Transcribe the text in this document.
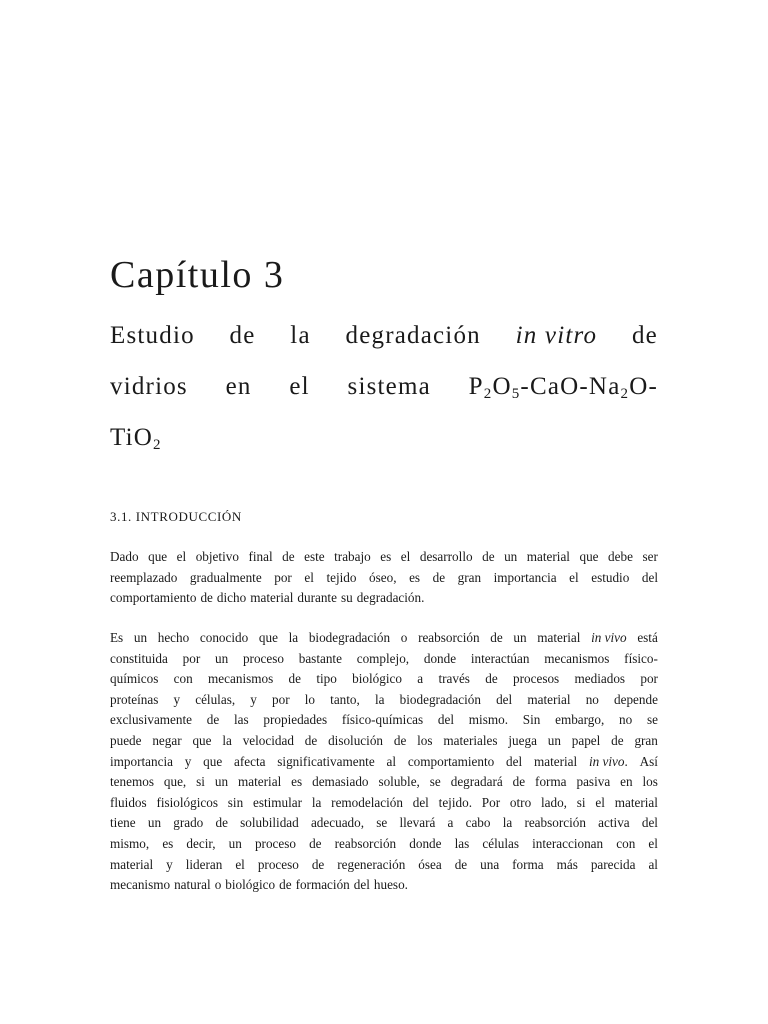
Capítulo 3
Estudio de la degradación in vitro de
vidrios en el sistema $P_2O_5-CaO-Na_2O-$
TiO$_2$
3.1. INTRODUCCIÓN
Dado que el objetivo final de este trabajo es el desarrollo de un material que debe ser
reemplazado gradualmente por el tejido óseo, es de gran importancia el estudio del
comportamiento de dicho material durante su degradación.
Es un hecho conocido que la biodegradación o reabsorción de un material in vivo está
constituida por un proceso bastante complejo, donde interactúan mecanismos físico-
químicos con mecanismos de tipo biológico a través de procesos mediados por
proteínas y células, y por lo tanto, la biodegradación del material no depende
exclusivamente de las propiedades físico-químicas del mismo. Sin embargo, no se
puede negar que la velocidad de disolución de los materiales juega un papel de gran
importancia y que afecta significativamente al comportamiento del material in vivo. Así
tenemos que, si un material es demasiado soluble, se degradará de forma pasiva en los
fluidos fisiológicos sin estimular la remodelación del tejido. Por otro lado, si el material
tiene un grado de solubilidad adecuado, se llevará a cabo la reabsorción activa del
mismo, es decir, un proceso de reabsorción donde las células interaccionan con el
material y lideran el proceso de regeneración ósea de una forma más parecida al
mecanismo natural o biológico de formación del hueso.
